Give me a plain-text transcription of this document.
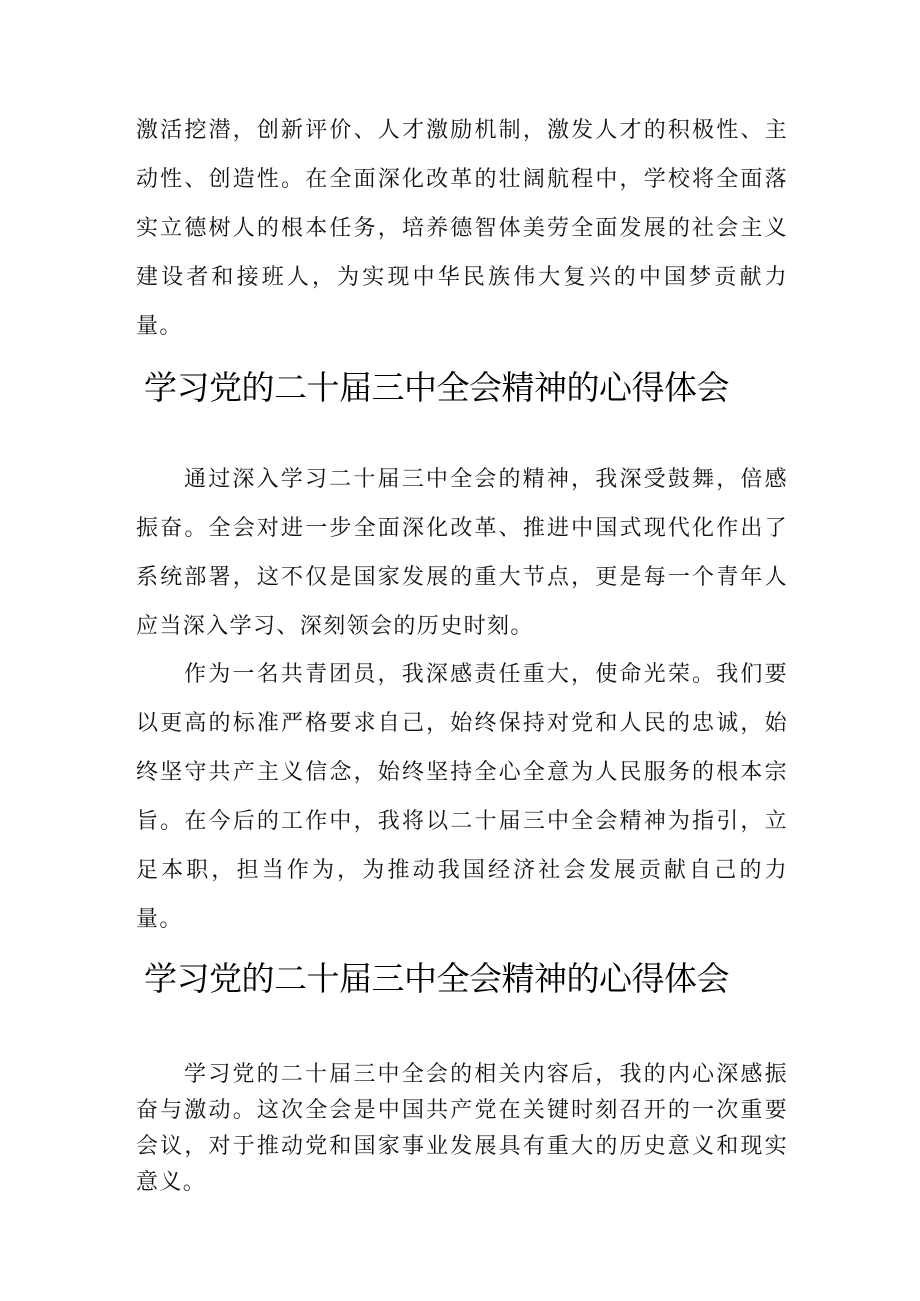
激活挖潜，创新评价、人才激励机制，激发人才的积极性、主动性、创造性。在全面深化改革的壮阔航程中，学校将全面落实立德树人的根本任务，培养德智体美劳全面发展的社会主义建设者和接班人，为实现中华民族伟大复兴的中国梦贡献力量。

学习党的二十届三中全会精神的心得体会

通过深入学习二十届三中全会的精神，我深受鼓舞，倍感振奋。全会对进一步全面深化改革、推进中国式现代化作出了系统部署，这不仅是国家发展的重大节点，更是每一个青年人应当深入学习、深刻领会的历史时刻。

作为一名共青团员，我深感责任重大，使命光荣。我们要以更高的标准严格要求自己，始终保持对党和人民的忠诚，始终坚守共产主义信念，始终坚持全心全意为人民服务的根本宗旨。在今后的工作中，我将以二十届三中全会精神为指引，立足本职，担当作为，为推动我国经济社会发展贡献自己的力量。

学习党的二十届三中全会精神的心得体会

学习党的二十届三中全会的相关内容后，我的内心深感振奋与激动。这次全会是中国共产党在关键时刻召开的一次重要会议，对于推动党和国家事业发展具有重大的历史意义和现实意义。
